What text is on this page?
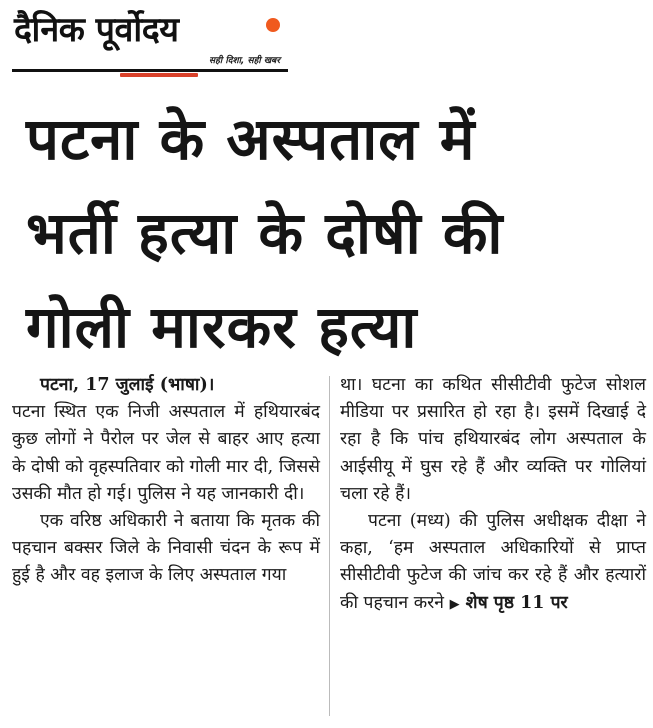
दैनिक पूर्वोदय
सही दिशा, सही खबर
पटना के अस्पताल में
भर्ती हत्या के दोषी की
गोली मारकर हत्या

पटना, 17 जुलाई (भाषा)।

पटना स्थित एक निजी अस्पताल में हथियारबंद कुछ लोगों ने पैरोल पर जेल से बाहर आए हत्या के दोषी को वृहस्पतिवार को गोली मार दी, जिससे उसकी मौत हो गई। पुलिस ने यह जानकारी दी।

एक वरिष्ठ अधिकारी ने बताया कि मृतक की पहचान बक्सर जिले के निवासी चंदन के रूप में हुई है और वह इलाज के लिए अस्पताल गया

था। घटना का कथित सीसीटीवी फुटेज सोशल मीडिया पर प्रसारित हो रहा है। इसमें दिखाई दे रहा है कि पांच हथियारबंद लोग अस्पताल के आईसीयू में घुस रहे हैं और व्यक्ति पर गोलियां चला रहे हैं।

पटना (मध्य) की पुलिस अधीक्षक दीक्षा ने कहा, ‘हम अस्पताल अधिकारियों से प्राप्त सीसीटीवी फुटेज की जांच कर रहे हैं और हत्यारों की पहचान करने ▶ शेष पृष्ठ 11 पर
